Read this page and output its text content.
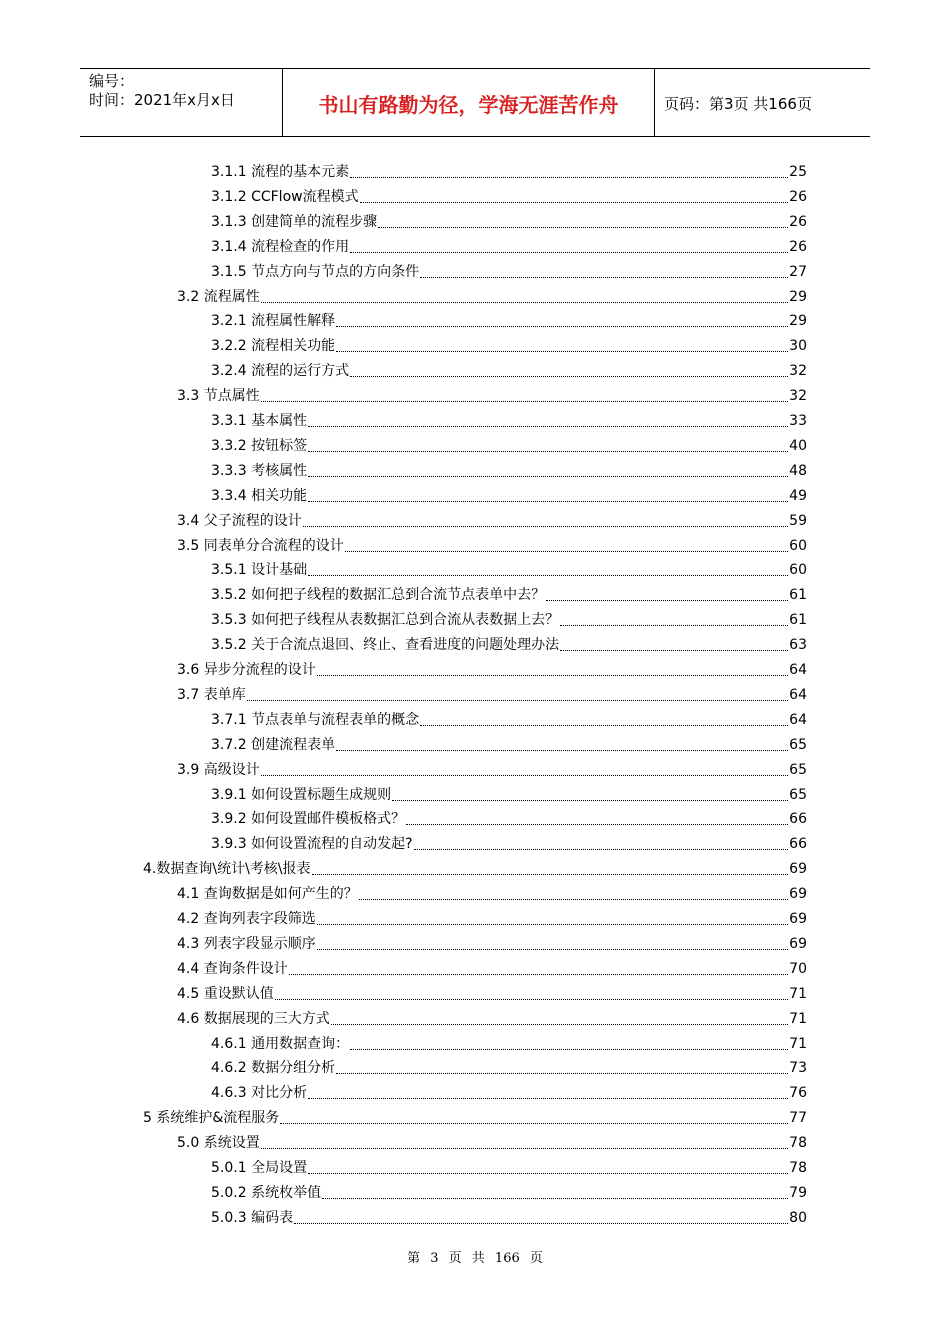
编号：
时间：2021年x月x日	书山有路勤为径，学海无涯苦作舟	页码：第3页 共166页
3.1.1 流程的基本元素	25
3.1.2 CCFlow流程模式	26
3.1.3 创建简单的流程步骤	26
3.1.4 流程检查的作用	26
3.1.5 节点方向与节点的方向条件	27
3.2 流程属性	29
3.2.1 流程属性解释	29
3.2.2 流程相关功能	30
3.2.4 流程的运行方式	32
3.3 节点属性	32
3.3.1 基本属性	33
3.3.2 按钮标签	40
3.3.3 考核属性	48
3.3.4 相关功能	49
3.4 父子流程的设计	59
3.5 同表单分合流程的设计	60
3.5.1 设计基础	60
3.5.2 如何把子线程的数据汇总到合流节点表单中去？	61
3.5.3 如何把子线程从表数据汇总到合流从表数据上去？	61
3.5.2 关于合流点退回、终止、查看进度的问题处理办法	63
3.6 异步分流程的设计	64
3.7 表单库	64
3.7.1 节点表单与流程表单的概念	64
3.7.2 创建流程表单	65
3.9 高级设计	65
3.9.1 如何设置标题生成规则	65
3.9.2 如何设置邮件模板格式？	66
3.9.3 如何设置流程的自动发起?	66
4.数据查询\统计\考核\报表	69
4.1 查询数据是如何产生的？	69
4.2 查询列表字段筛选	69
4.3 列表字段显示顺序	69
4.4 查询条件设计	70
4.5 重设默认值	71
4.6 数据展现的三大方式	71
4.6.1 通用数据查询：	71
4.6.2 数据分组分析	73
4.6.3 对比分析	76
5 系统维护&流程服务	77
5.0 系统设置	78
5.0.1 全局设置	78
5.0.2 系统枚举值	79
5.0.3 编码表	80
第 3 页 共 166 页
